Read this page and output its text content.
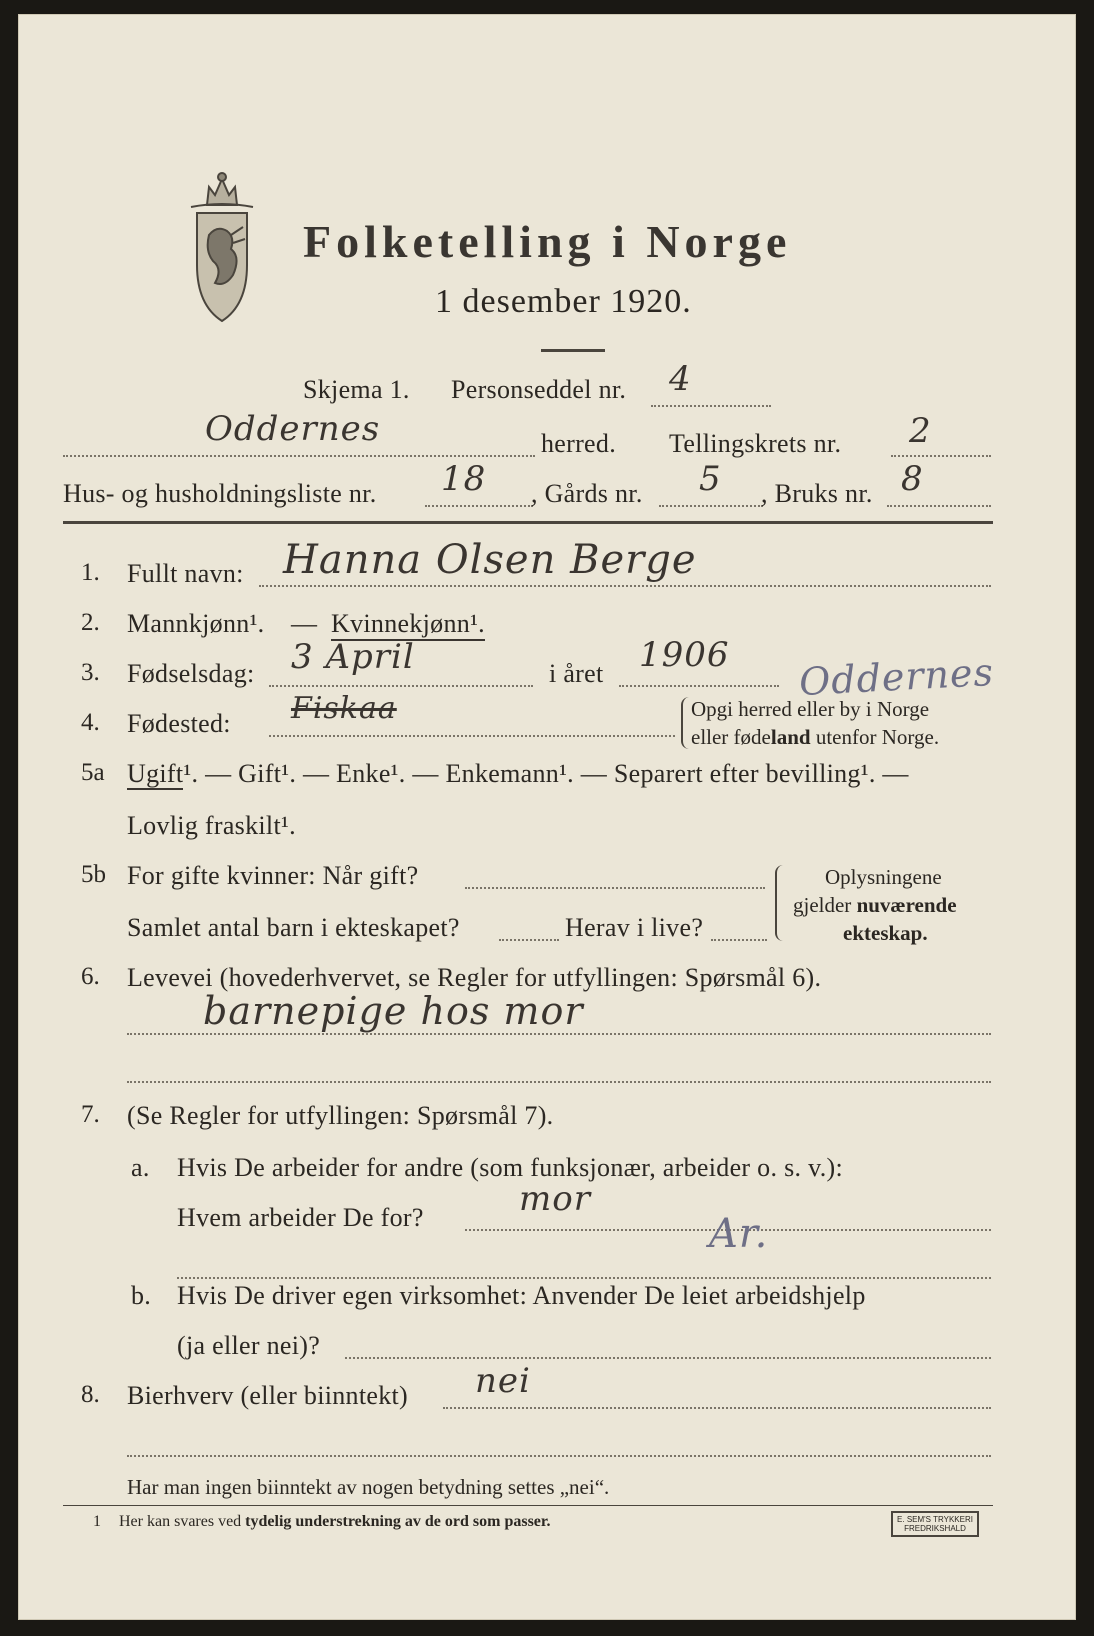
Folketelling i Norge
1 desember 1920.
Skjema 1. Personseddel nr. 4
Oddernes	herred. Tellingskrets nr. 2
Hus- og husholdningsliste nr. 18 , Gårds nr. 5 , Bruks nr. 8
1. Fullt navn: Hanna Olsen Berge
2. Mannkjønn¹. — Kvinnekjønn¹.
3. Fødselsdag: 3 April	i året 1906 Oddernes
4. Fødested: Fiskaa	Opgi herred eller by i Norge
eller fødeland utenfor Norge.
5a Ugift¹. — Gift¹. — Enke¹. — Enkemann¹. — Separert efter bevilling¹. —
Lovlig fraskilt¹.
5b For gifte kvinner: Når gift?
Samlet antal barn i ekteskapet?	Herav i live?
Oplysningene
gjelder nuværende
ekteskap.
6. Levevei (hovederhvervet, se Regler for utfyllingen: Spørsmål 6).
barnepige hos mor
7. (Se Regler for utfyllingen: Spørsmål 7).
a. Hvis De arbeider for andre (som funksjonær, arbeider o. s. v.):
Hvem arbeider De for?	mor
Ar.
b. Hvis De driver egen virksomhet: Anvender De leiet arbeidshjelp
(ja eller nei)?
8. Bierhverv (eller biinntekt) nei
Har man ingen biinntekt av nogen betydning settes „nei“.
1 Her kan svares ved tydelig understrekning av de ord som passer.	E. SEM'S TRYKKERI FREDRIKSHALD
